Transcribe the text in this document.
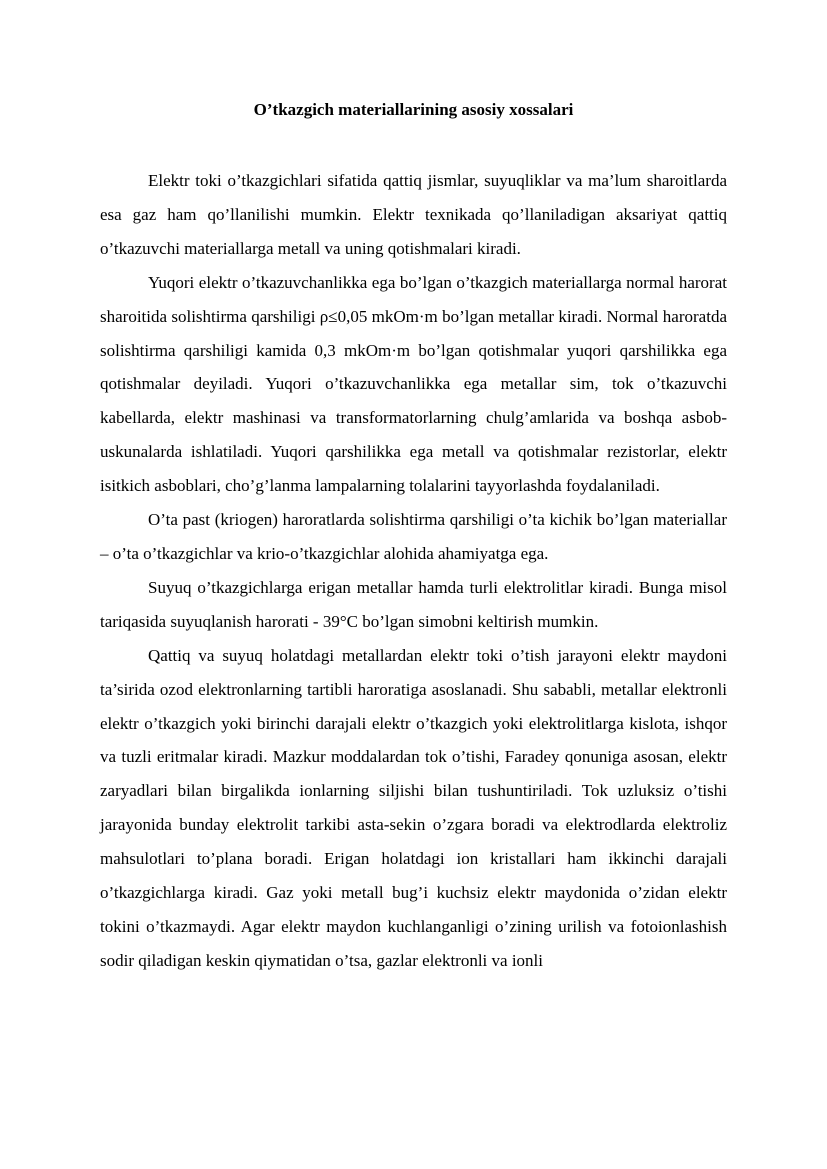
O’tkazgich materiallarining asosiy xossalari

Elektr toki o’tkazgichlari sifatida qattiq jismlar, suyuqliklar va ma’lum sharoitlarda esa gaz ham qo’llanilishi mumkin. Elektr texnikada qo’llaniladigan aksariyat qattiq o’tkazuvchi materiallarga metall va uning qotishmalari kiradi.

Yuqori elektr o’tkazuvchanlikka ega bo’lgan o’tkazgich materiallarga normal harorat sharoitida solishtirma qarshiligi ρ≤0,05 mkOm·m bo’lgan metallar kiradi. Normal haroratda solishtirma qarshiligi kamida 0,3 mkOm·m bo’lgan qotishmalar yuqori qarshilikka ega qotishmalar deyiladi. Yuqori o’tkazuvchanlikka ega metallar sim, tok o’tkazuvchi kabellarda, elektr mashinasi va transformatorlarning chulg’amlarida va boshqa asbob-uskunalarda ishlatiladi. Yuqori qarshilikka ega metall va qotishmalar rezistorlar, elektr isitkich asboblari, cho’g’lanma lampalarning tolalarini tayyorlashda foydalaniladi.

O’ta past (kriogen) haroratlarda solishtirma qarshiligi o’ta kichik bo’lgan materiallar – o’ta o’tkazgichlar va krio-o’tkazgichlar alohida ahamiyatga ega.

Suyuq o’tkazgichlarga erigan metallar hamda turli elektrolitlar kiradi. Bunga misol tariqasida suyuqlanish harorati - 39°C bo’lgan simobni keltirish mumkin.

Qattiq va suyuq holatdagi metallardan elektr toki o’tish jarayoni elektr maydoni ta’sirida ozod elektronlarning tartibli haroratiga asoslanadi. Shu sababli, metallar elektronli elektr o’tkazgich yoki birinchi darajali elektr o’tkazgich yoki elektrolitlarga kislota, ishqor va tuzli eritmalar kiradi. Mazkur moddalardan tok o’tishi, Faradey qonuniga asosan, elektr zaryadlari bilan birgalikda ionlarning siljishi bilan tushuntiriladi. Tok uzluksiz o’tishi jarayonida bunday elektrolit tarkibi asta-sekin o’zgara boradi va elektrodlarda elektroliz mahsulotlari to’plana boradi. Erigan holatdagi ion kristallari ham ikkinchi darajali o’tkazgichlarga kiradi. Gaz yoki metall bug’i kuchsiz elektr maydonida o’zidan elektr tokini o’tkazmaydi. Agar elektr maydon kuchlanganligi o’zining urilish va fotoionlashish sodir qiladigan keskin qiymatidan o’tsa, gazlar elektronli va ionli
